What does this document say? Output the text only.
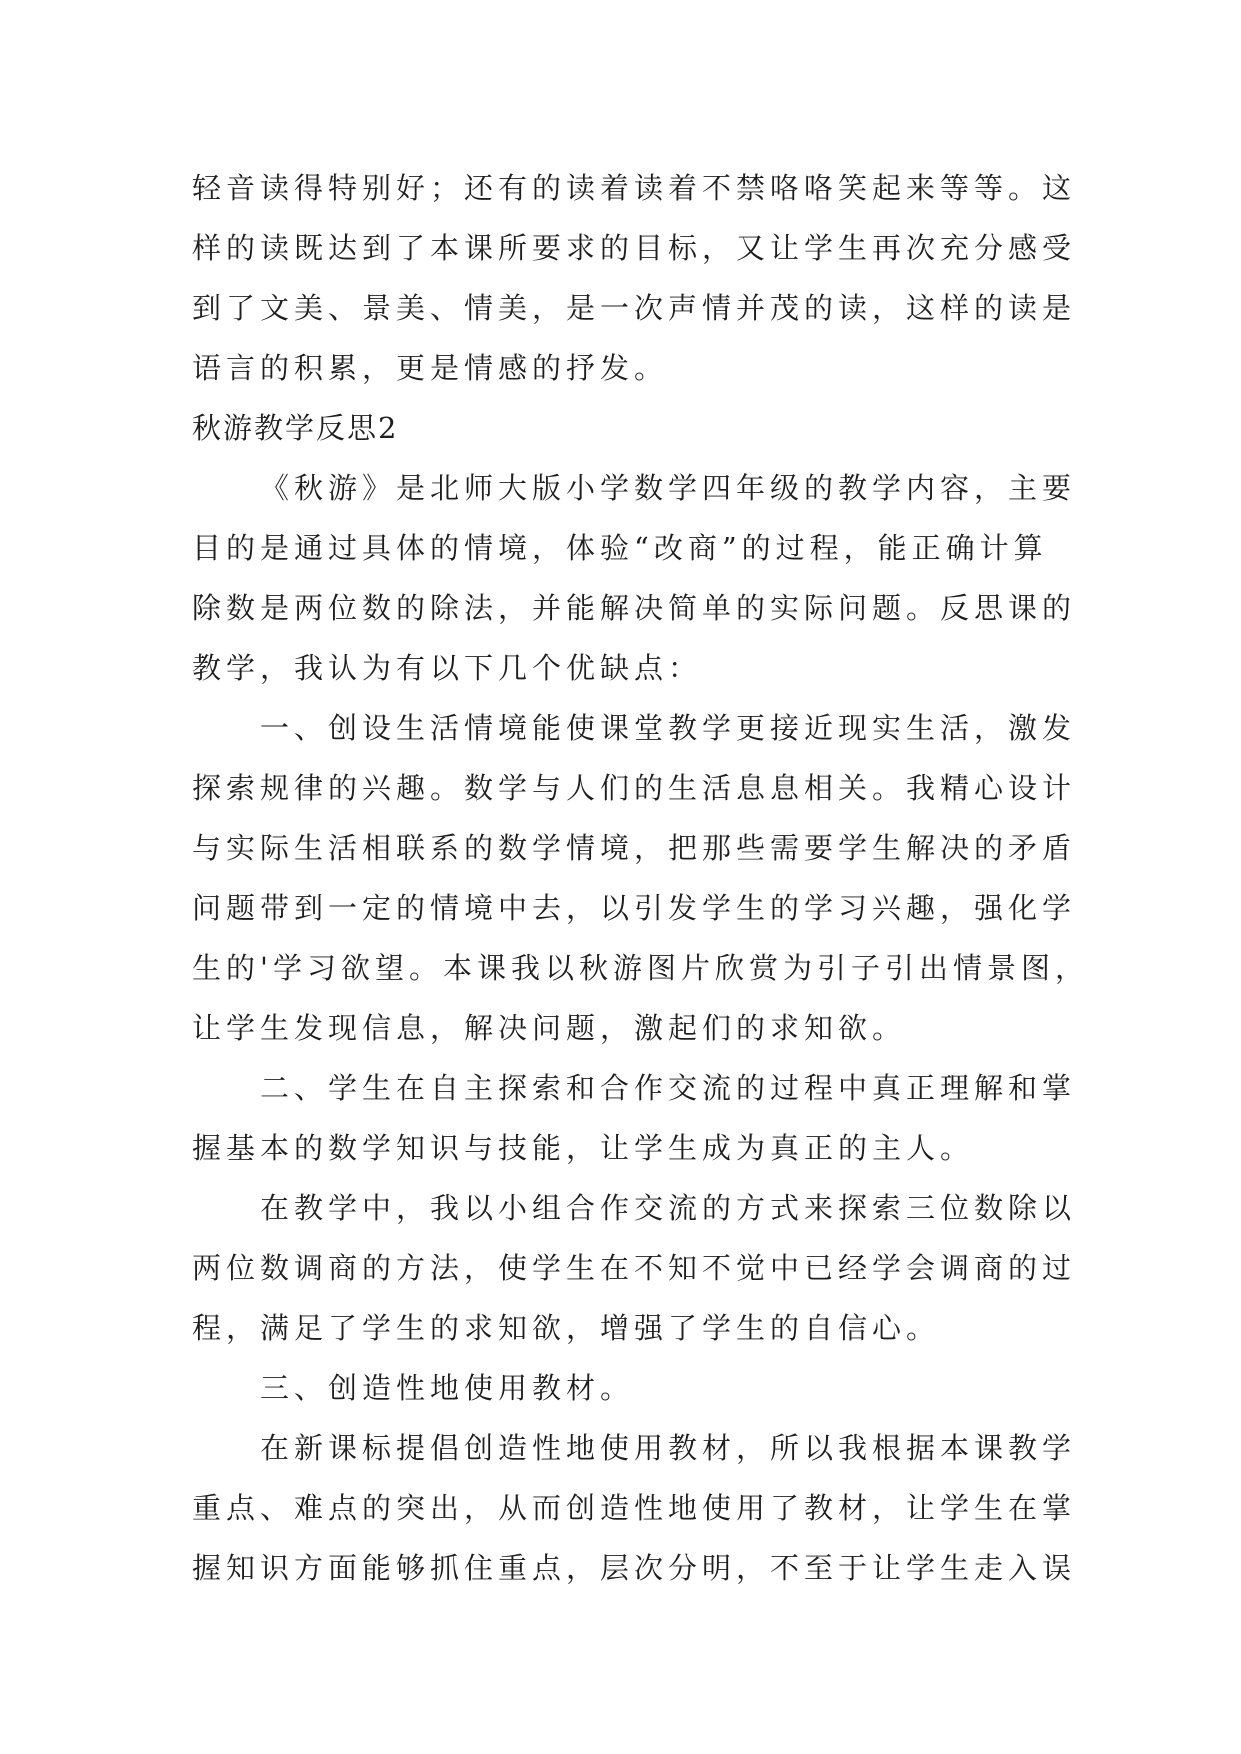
轻音读得特别好；还有的读着读着不禁咯咯笑起来等等。这
样的读既达到了本课所要求的目标，又让学生再次充分感受
到了文美、景美、情美，是一次声情并茂的读，这样的读是
语言的积累，更是情感的抒发。
秋游教学反思2
《秋游》是北师大版小学数学四年级的教学内容，主要
目的是通过具体的情境，体验“改商”的过程，能正确计算
除数是两位数的除法，并能解决简单的实际问题。反思课的
教学，我认为有以下几个优缺点：
一、创设生活情境能使课堂教学更接近现实生活，激发
探索规律的兴趣。数学与人们的生活息息相关。我精心设计
与实际生活相联系的数学情境，把那些需要学生解决的矛盾
问题带到一定的情境中去，以引发学生的学习兴趣，强化学
生的'学习欲望。本课我以秋游图片欣赏为引子引出情景图，
让学生发现信息，解决问题，激起们的求知欲。
二、学生在自主探索和合作交流的过程中真正理解和掌
握基本的数学知识与技能，让学生成为真正的主人。
在教学中，我以小组合作交流的方式来探索三位数除以
两位数调商的方法，使学生在不知不觉中已经学会调商的过
程，满足了学生的求知欲，增强了学生的自信心。
三、创造性地使用教材。
在新课标提倡创造性地使用教材，所以我根据本课教学
重点、难点的突出，从而创造性地使用了教材，让学生在掌
握知识方面能够抓住重点，层次分明，不至于让学生走入误
